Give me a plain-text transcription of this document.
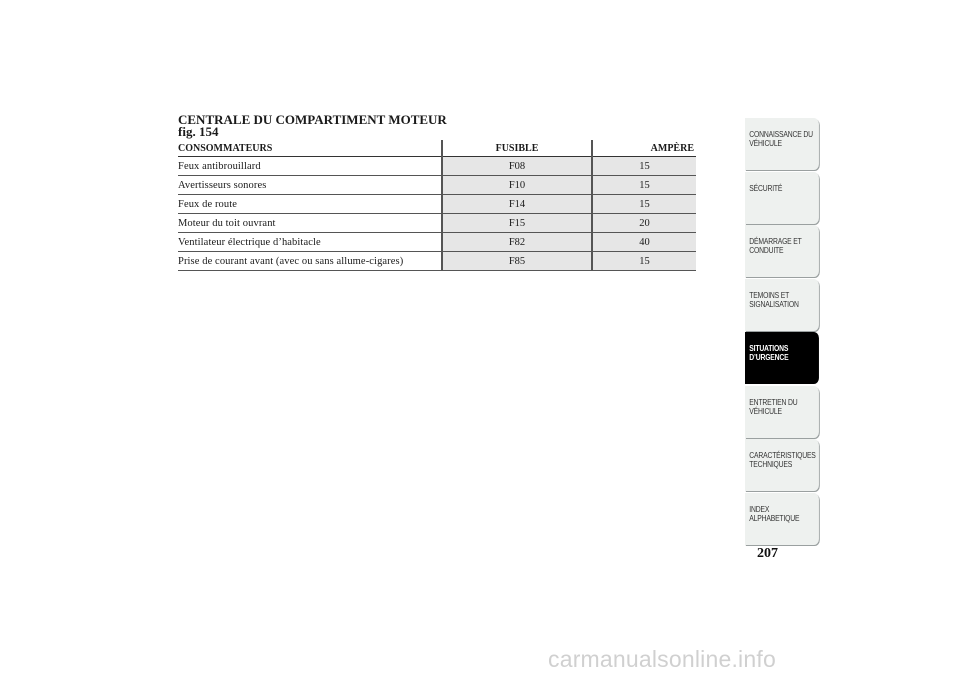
CENTRALE DU COMPARTIMENT MOTEUR
fig. 154
CONSOMMATEURS	FUSIBLE	AMPÈRE
Feux antibrouillard	F08	15
Avertisseurs sonores	F10	15
Feux de route	F14	15
Moteur du toit ouvrant	F15	20
Ventilateur électrique d’habitacle	F82	40
Prise de courant avant (avec ou sans allume-cigares)	F85	15
CONNAISSANCE DU
VÉHICULE
SÉCURITÉ
DÉMARRAGE ET
CONDUITE
TEMOINS ET
SIGNALISATION
SITUATIONS
D’URGENCE
ENTRETIEN DU
VÉHICULE
CARACTÉRISTIQUES
TECHNIQUES
INDEX
ALPHABETIQUE
207
carmanualsonline.info
